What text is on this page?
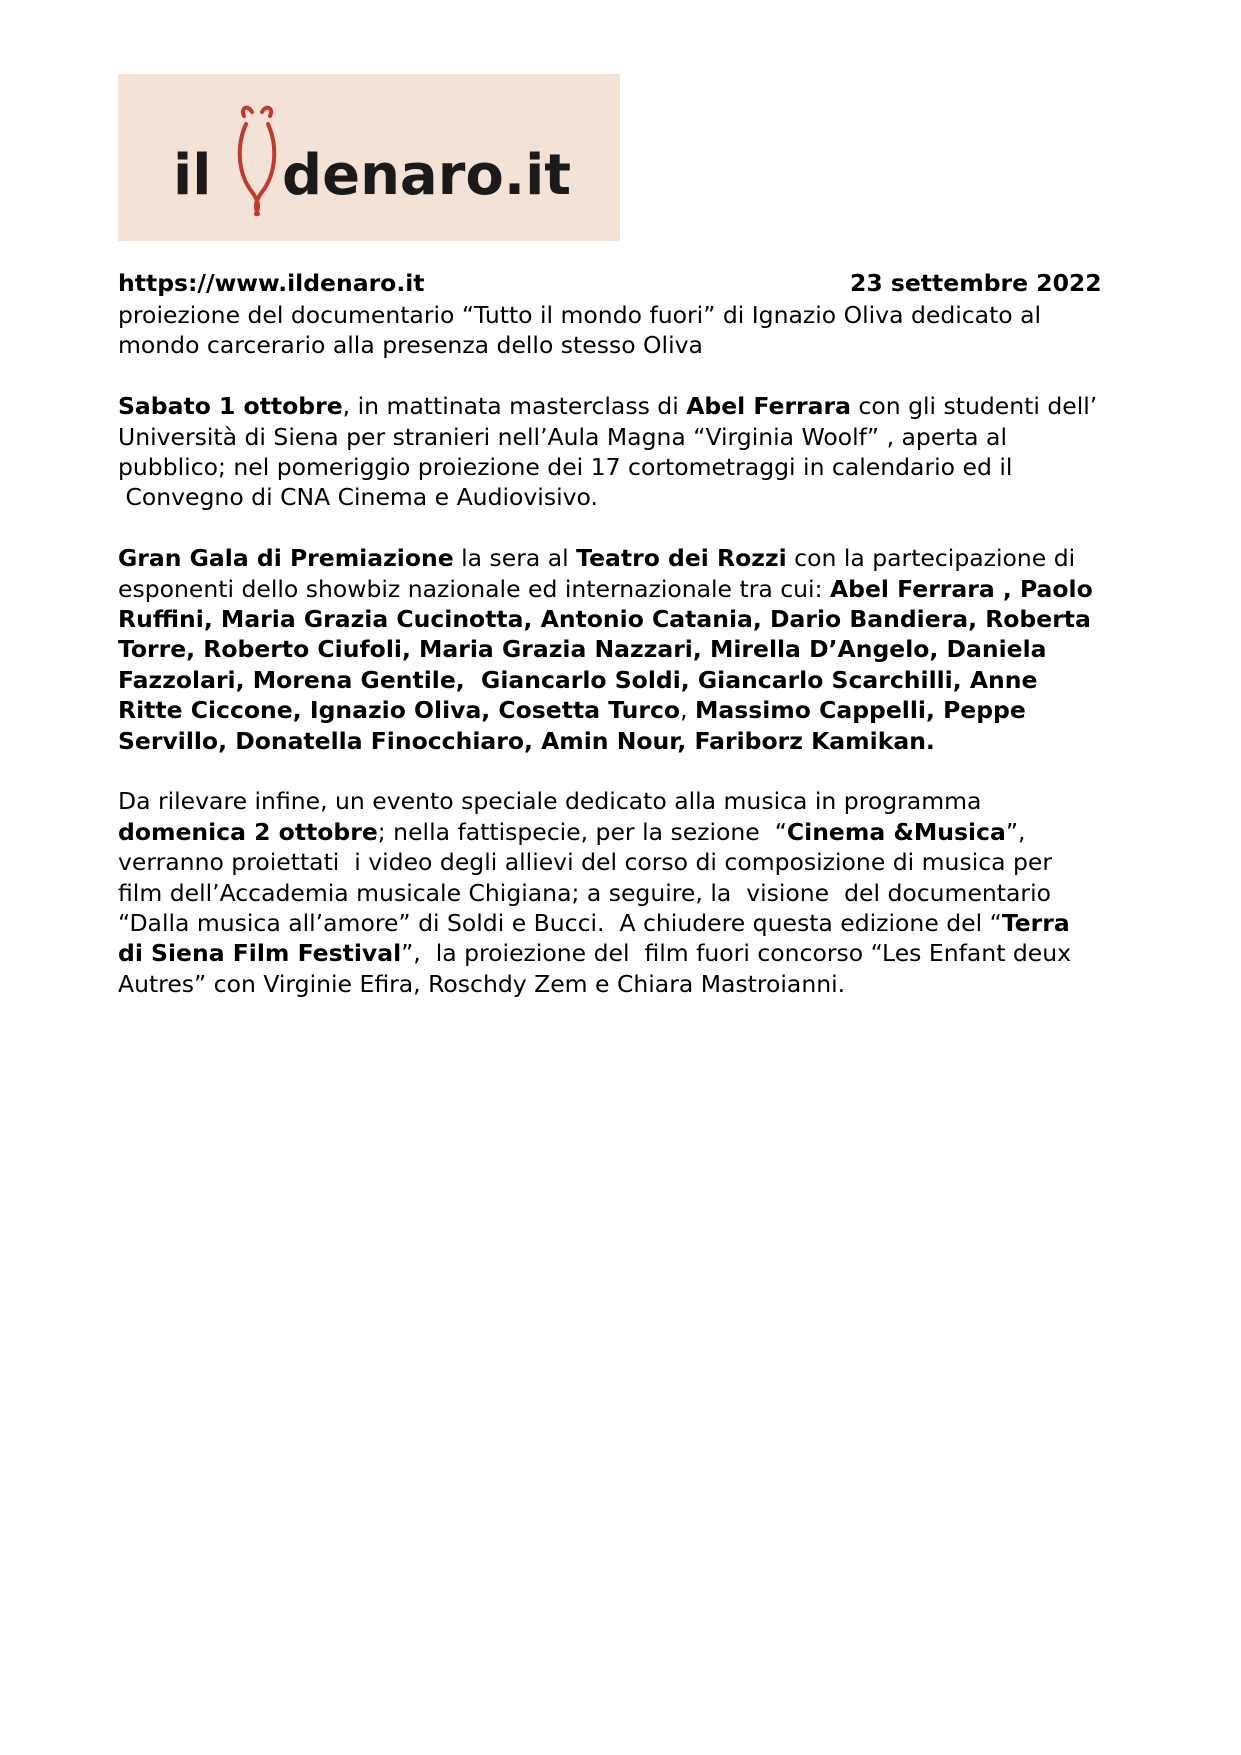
il denaro.it
https://www.ildenaro.it	23 settembre 2022

proiezione del documentario “Tutto il mondo fuori” di Ignazio Oliva dedicato al
mondo carcerario alla presenza dello stesso Oliva

Sabato 1 ottobre, in mattinata masterclass di Abel Ferrara con gli studenti dell’
Università di Siena per stranieri nell’Aula Magna “Virginia Woolf” , aperta al
pubblico; nel pomeriggio proiezione dei 17 cortometraggi in calendario ed il
Convegno di CNA Cinema e Audiovisivo.

Gran Gala di Premiazione la sera al Teatro dei Rozzi con la partecipazione di
esponenti dello showbiz nazionale ed internazionale tra cui: Abel Ferrara , Paolo
Ruffini, Maria Grazia Cucinotta, Antonio Catania, Dario Bandiera, Roberta
Torre, Roberto Ciufoli, Maria Grazia Nazzari, Mirella D’Angelo, Daniela
Fazzolari, Morena Gentile,  Giancarlo Soldi, Giancarlo Scarchilli, Anne
Ritte Ciccone, Ignazio Oliva, Cosetta Turco, Massimo Cappelli, Peppe
Servillo, Donatella Finocchiaro, Amin Nour, Fariborz Kamikan.

Da rilevare infine, un evento speciale dedicato alla musica in programma
domenica 2 ottobre; nella fattispecie, per la sezione  “Cinema &Musica”,
verranno proiettati  i video degli allievi del corso di composizione di musica per
film dell’Accademia musicale Chigiana; a seguire, la  visione  del documentario
“Dalla musica all’amore” di Soldi e Bucci.  A chiudere questa edizione del “Terra
di Siena Film Festival”,  la proiezione del  film fuori concorso “Les Enfant deux
Autres” con Virginie Efira, Roschdy Zem e Chiara Mastroianni.
